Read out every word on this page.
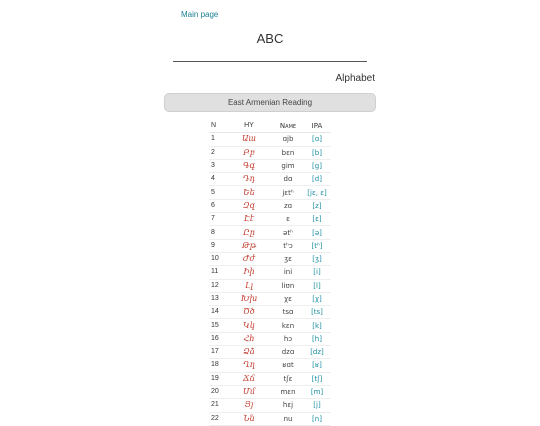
Main page
ABC
Alphabet
East Armenian Reading
N	HY	Name	IPA
1	Աա	ɑjb	[ɑ]
2	Բբ	bɛn	[b]
3	Գգ	gim	[g]
4	Դդ	dɑ	[d]
5	Եե	jɛtʰ	[jɛ, ɛ]
6	Զզ	zɑ	[z]
7	Էէ	ɛ	[ɛ]
8	Ըը	ətʰ	[ə]
9	Թթ	tʰɔ	[tʰ]
10	Ժժ	ʒɛ	[ʒ]
11	Իի	ini	[i]
12	Լլ	liʊn	[l]
13	Խխ	χɛ	[χ]
14	Ծծ	tsɑ	[ts]
15	Կկ	kɛn	[k]
16	Հհ	hɔ	[h]
17	Ձձ	dzɑ	[dz]
18	Ղղ	ʁɑt	[ʁ]
19	Ճճ	tʃɛ	[tʃ]
20	Մմ	mɛn	[m]
21	Յյ	hɛj	[j]
22	Նն	nu	[n]
